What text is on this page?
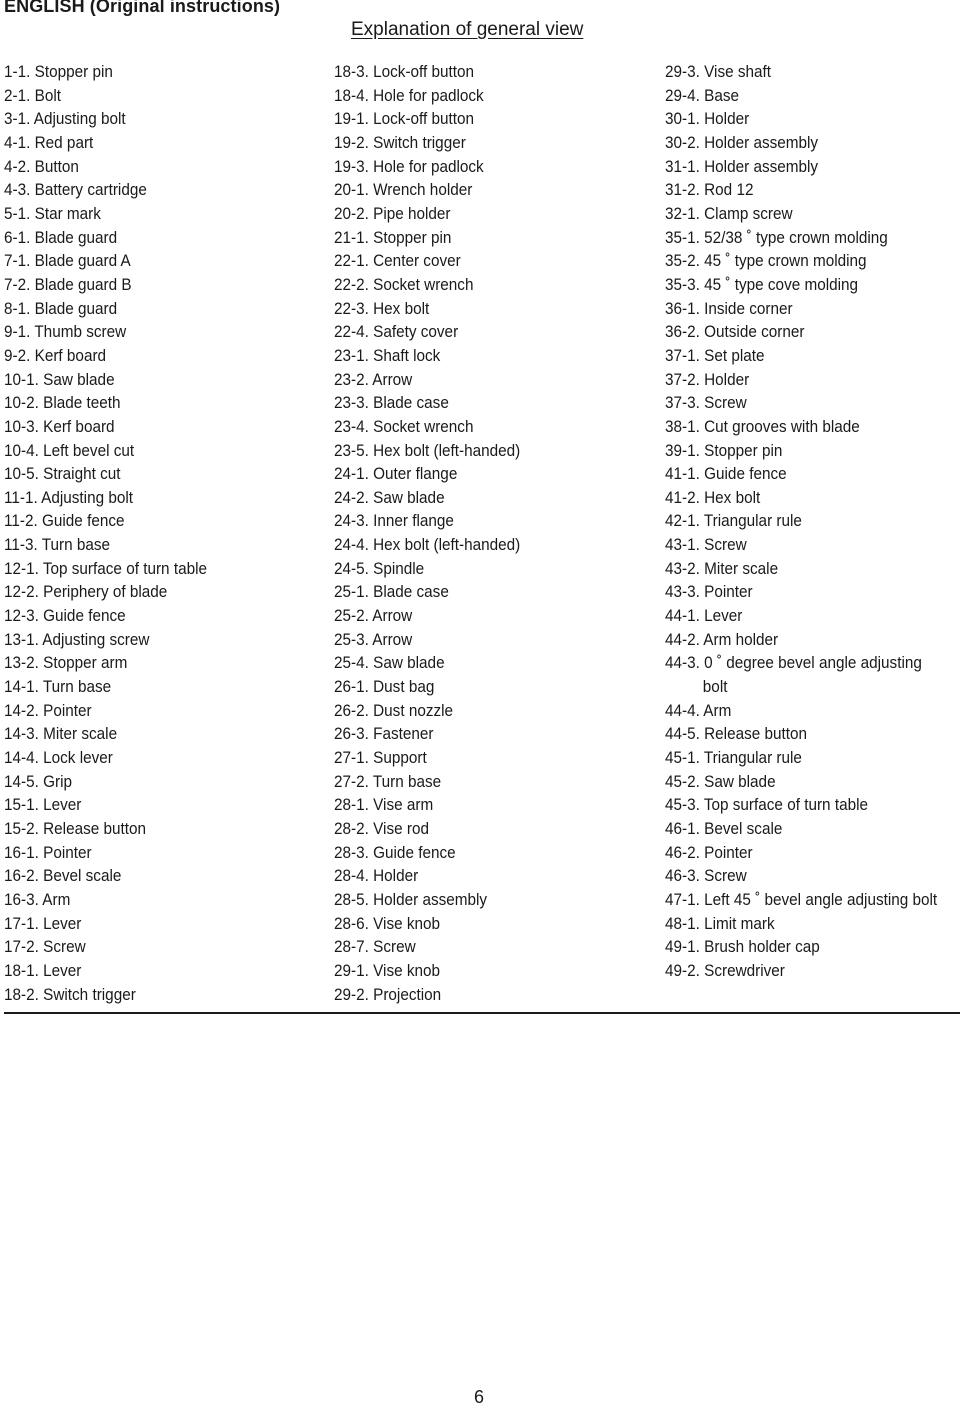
ENGLISH (Original instructions)
Explanation of general view
1-1. Stopper pin
2-1. Bolt
3-1. Adjusting bolt
4-1. Red part
4-2. Button
4-3. Battery cartridge
5-1. Star mark
6-1. Blade guard
7-1. Blade guard A
7-2. Blade guard B
8-1. Blade guard
9-1. Thumb screw
9-2. Kerf board
10-1. Saw blade
10-2. Blade teeth
10-3. Kerf board
10-4. Left bevel cut
10-5. Straight cut
11-1. Adjusting bolt
11-2. Guide fence
11-3. Turn base
12-1. Top surface of turn table
12-2. Periphery of blade
12-3. Guide fence
13-1. Adjusting screw
13-2. Stopper arm
14-1. Turn base
14-2. Pointer
14-3. Miter scale
14-4. Lock lever
14-5. Grip
15-1. Lever
15-2. Release button
16-1. Pointer
16-2. Bevel scale
16-3. Arm
17-1. Lever
17-2. Screw
18-1. Lever
18-2. Switch trigger
18-3. Lock-off button
18-4. Hole for padlock
19-1. Lock-off button
19-2. Switch trigger
19-3. Hole for padlock
20-1. Wrench holder
20-2. Pipe holder
21-1. Stopper pin
22-1. Center cover
22-2. Socket wrench
22-3. Hex bolt
22-4. Safety cover
23-1. Shaft lock
23-2. Arrow
23-3. Blade case
23-4. Socket wrench
23-5. Hex bolt (left-handed)
24-1. Outer flange
24-2. Saw blade
24-3. Inner flange
24-4. Hex bolt (left-handed)
24-5. Spindle
25-1. Blade case
25-2. Arrow
25-3. Arrow
25-4. Saw blade
26-1. Dust bag
26-2. Dust nozzle
26-3. Fastener
27-1. Support
27-2. Turn base
28-1. Vise arm
28-2. Vise rod
28-3. Guide fence
28-4. Holder
28-5. Holder assembly
28-6. Vise knob
28-7. Screw
29-1. Vise knob
29-2. Projection
29-3. Vise shaft
29-4. Base
30-1. Holder
30-2. Holder assembly
31-1. Holder assembly
31-2. Rod 12
32-1. Clamp screw
35-1. 52/38 ˚ type crown molding
35-2. 45 ˚ type crown molding
35-3. 45 ˚ type cove molding
36-1. Inside corner
36-2. Outside corner
37-1. Set plate
37-2. Holder
37-3. Screw
38-1. Cut grooves with blade
39-1. Stopper pin
41-1. Guide fence
41-2. Hex bolt
42-1. Triangular rule
43-1. Screw
43-2. Miter scale
43-3. Pointer
44-1. Lever
44-2. Arm holder
44-3. 0 ˚ degree bevel angle adjusting
bolt
44-4. Arm
44-5. Release button
45-1. Triangular rule
45-2. Saw blade
45-3. Top surface of turn table
46-1. Bevel scale
46-2. Pointer
46-3. Screw
47-1. Left 45 ˚ bevel angle adjusting bolt
48-1. Limit mark
49-1. Brush holder cap
49-2. Screwdriver
6
